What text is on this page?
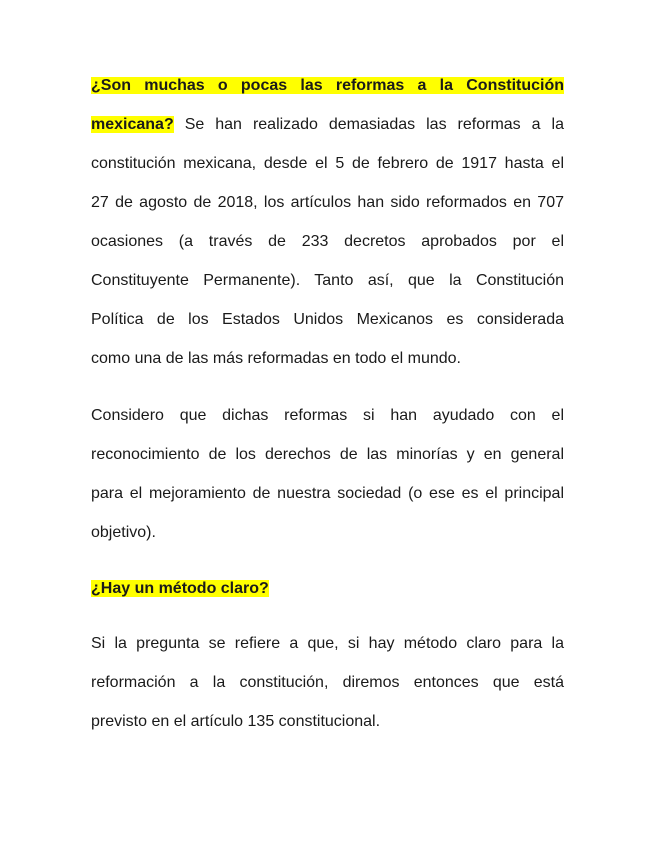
¿Son muchas o pocas las reformas a la Constitución
mexicana? Se han realizado demasiadas las reformas a la
constitución mexicana, desde el 5 de febrero de 1917 hasta el
27 de agosto de 2018, los artículos han sido reformados en 707
ocasiones (a través de 233 decretos aprobados por el
Constituyente Permanente). Tanto así, que la Constitución
Política de los Estados Unidos Mexicanos es considerada
como una de las más reformadas en todo el mundo.
Considero que dichas reformas si han ayudado con el
reconocimiento de los derechos de las minorías y en general
para el mejoramiento de nuestra sociedad (o ese es el principal
objetivo).
¿Hay un método claro?
Si la pregunta se refiere a que, si hay método claro para la
reformación a la constitución, diremos entonces que está
previsto en el artículo 135 constitucional.
